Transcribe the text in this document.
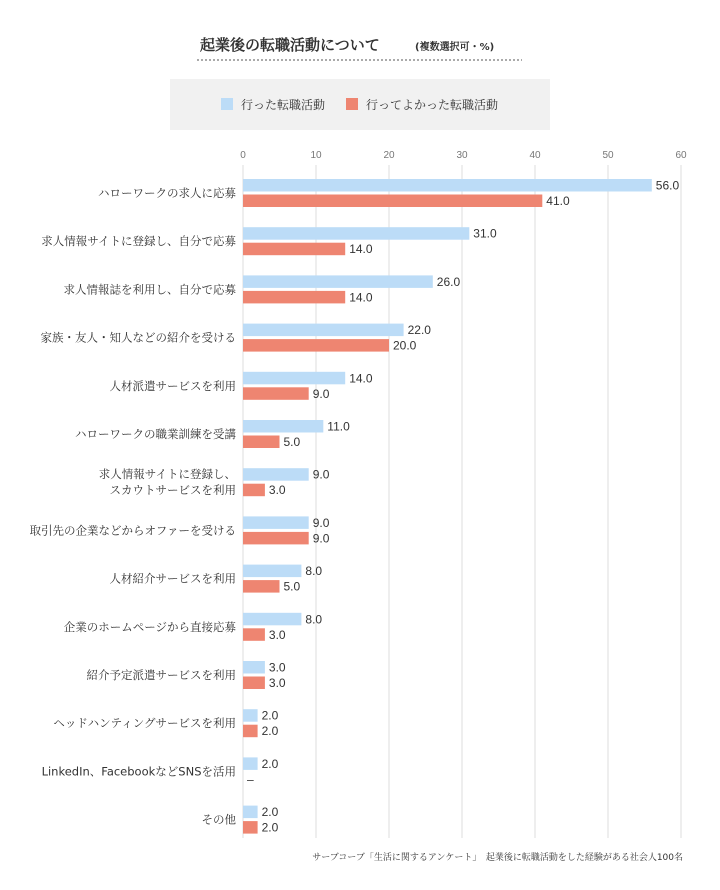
起業後の転職活動について	(複数選択可・%)
行った転職活動	行ってよかった転職活動
0	10	20	30	40	50	60
56.0
41.0
ハローワークの求人に応募
31.0
14.0
求人情報サイトに登録し、自分で応募
26.0
14.0
求人情報誌を利用し、自分で応募
22.0
20.0
家族・友人・知人などの紹介を受ける
14.0
9.0
人材派遣サービスを利用
11.0
5.0
ハローワークの職業訓練を受講
9.0
3.0
求人情報サイトに登録し、
スカウトサービスを利用
9.0
9.0
取引先の企業などからオファーを受ける
8.0
5.0
人材紹介サービスを利用
8.0
3.0
企業のホームページから直接応募
3.0
3.0
紹介予定派遣サービスを利用
2.0
2.0
ヘッドハンティングサービスを利用
2.0
–
LinkedIn、FacebookなどSNSを活用
2.0
2.0
その他
サーブコーブ「生活に関するアンケート」　起業後に転職活動をした経験がある社会人100名
